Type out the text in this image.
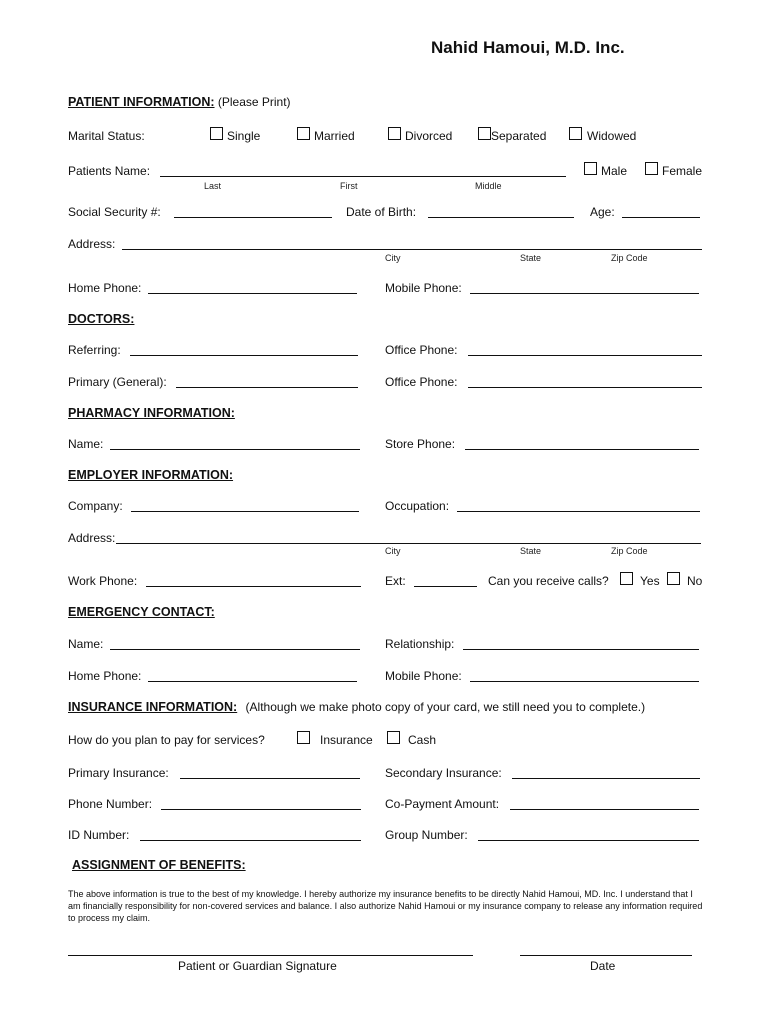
Nahid Hamoui, M.D. Inc.
PATIENT INFORMATION: (Please Print)
Marital Status:	Single	Married	Divorced	Separated	Widowed
Patients Name:	Male	Female
Last	First	Middle
Social Security #:	Date of Birth:	Age:
Address:
City	State	Zip Code
Home Phone:	Mobile Phone:
DOCTORS:
Referring:	Office Phone:
Primary (General):	Office Phone:
PHARMACY INFORMATION:
Name:	Store Phone:
EMPLOYER INFORMATION:
Company:	Occupation:
Address:
City	State	Zip Code
Work Phone:	Ext:	Can you receive calls?	Yes No
EMERGENCY CONTACT:
Name:	Relationship:
Home Phone:	Mobile Phone:
INSURANCE INFORMATION: (Although we make photo copy of your card, we still need you to complete.)
How do you plan to pay for services?	Insurance	Cash
Primary Insurance:	Secondary Insurance:
Phone Number:	Co-Payment Amount:
ID Number:	Group Number:
ASSIGNMENT OF BENEFITS:
The above information is true to the best of my knowledge. I hereby authorize my insurance benefits to be directly Nahid Hamoui, MD. Inc. I understand that I am financially responsibility for non-covered services and balance. I also authorize Nahid Hamoui or my insurance company to release any information required to process my claim.
Patient or Guardian Signature	Date
